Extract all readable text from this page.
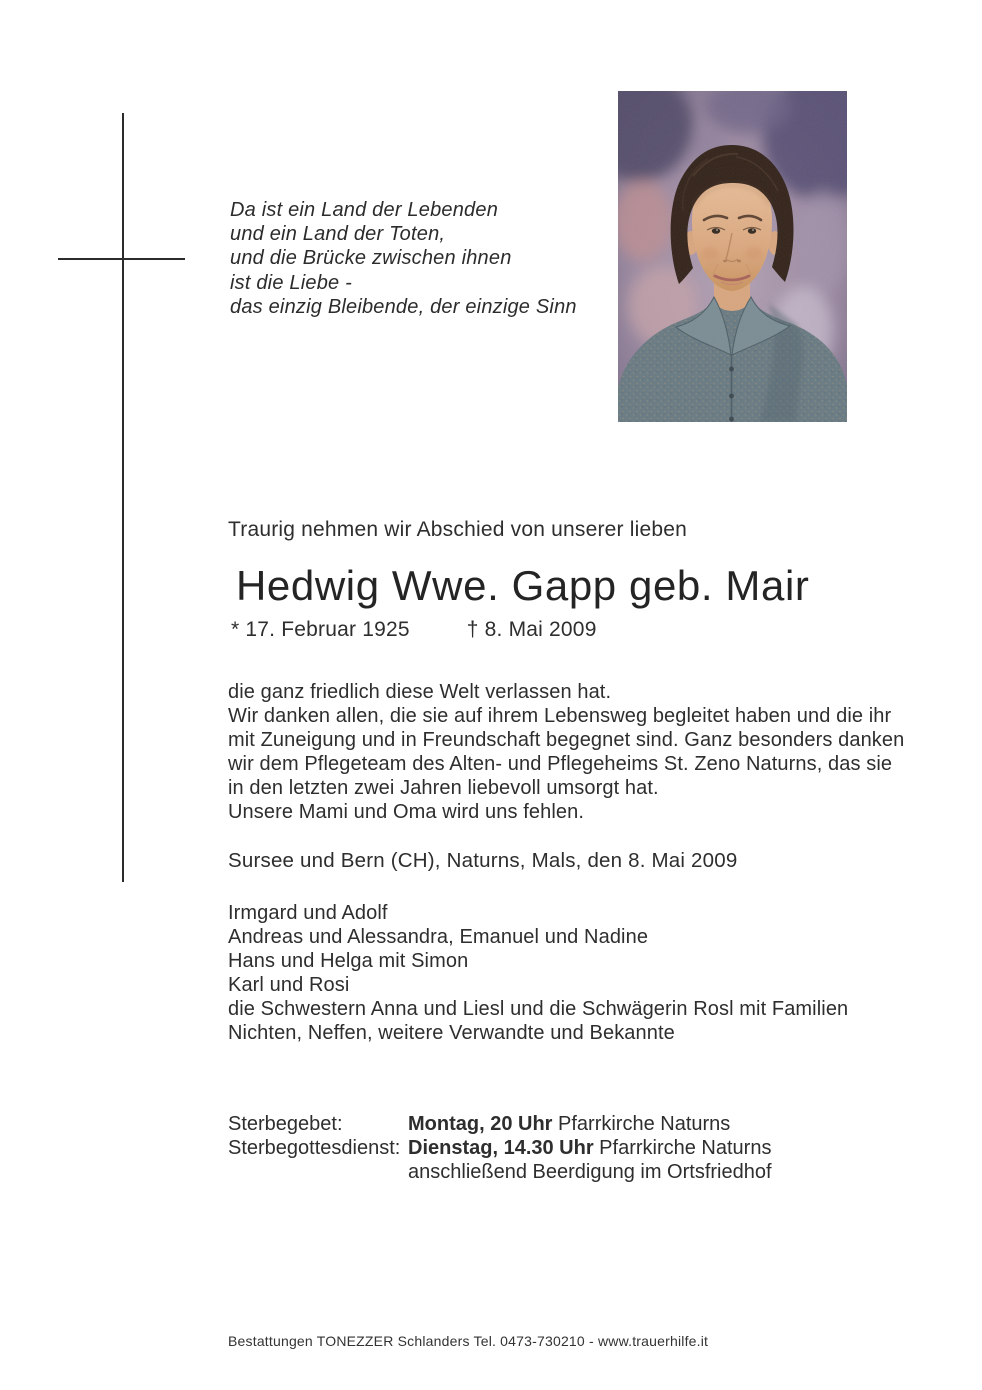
Da ist ein Land der Lebenden
und ein Land der Toten,
und die Brücke zwischen ihnen
ist die Liebe -
das einzig Bleibende, der einzige Sinn
Traurig nehmen wir Abschied von unserer lieben
Hedwig Wwe. Gapp geb. Mair
* 17. Februar 1925	† 8. Mai 2009
die ganz friedlich diese Welt verlassen hat.
Wir danken allen, die sie auf ihrem Lebensweg begleitet haben und die ihr
mit Zuneigung und in Freundschaft begegnet sind. Ganz besonders danken
wir dem Pflegeteam des Alten- und Pflegeheims St. Zeno Naturns, das sie
in den letzten zwei Jahren liebevoll umsorgt hat.
Unsere Mami und Oma wird uns fehlen.
Sursee und Bern (CH), Naturns, Mals, den 8. Mai 2009
Irmgard und Adolf
Andreas und Alessandra, Emanuel und Nadine
Hans und Helga mit Simon
Karl und Rosi
die Schwestern Anna und Liesl und die Schwägerin Rosl mit Familien
Nichten, Neffen, weitere Verwandte und Bekannte
Sterbegebet:	Montag, 20 Uhr Pfarrkirche Naturns
Sterbegottesdienst: Dienstag, 14.30 Uhr Pfarrkirche Naturns
anschließend Beerdigung im Ortsfriedhof
Bestattungen TONEZZER Schlanders Tel. 0473-730210 - www.trauerhilfe.it
